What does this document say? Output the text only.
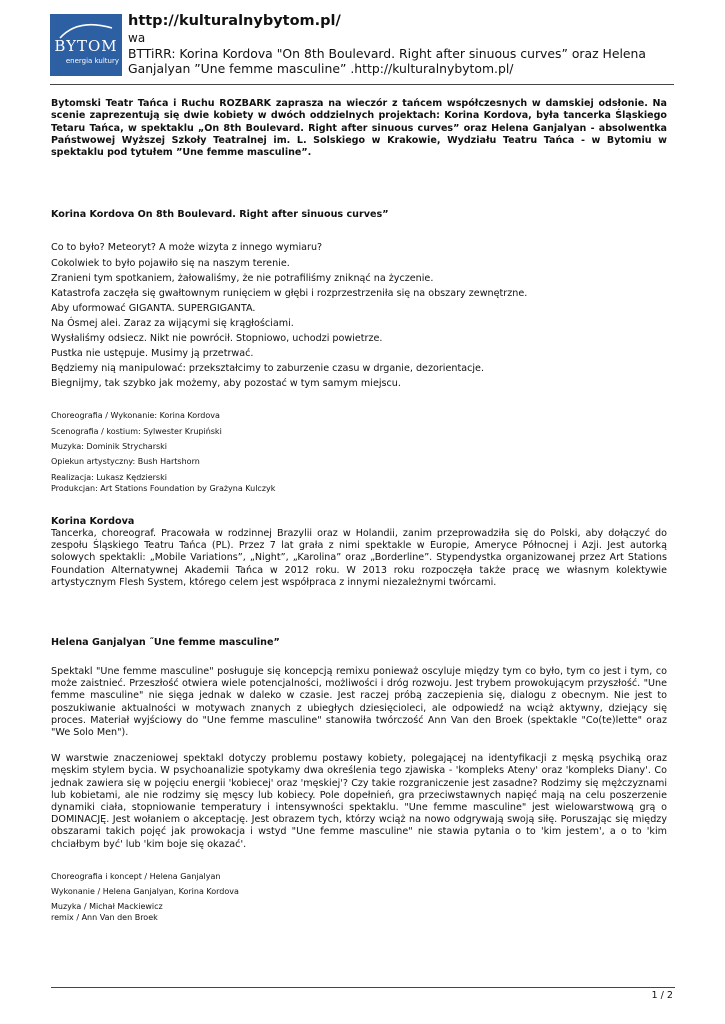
BYTOM
energia kultury
http://kulturalnybytom.pl/
wa
BTTiRR: Korina Kordova "On 8th Boulevard. Right after sinuous curves” oraz Helena
Ganjalyan ”Une femme masculine” .http://kulturalnybytom.pl/

Bytomski Teatr Tańca i Ruchu ROZBARK zaprasza na wieczór z tańcem współczesnych w damskiej odsłonie. Na scenie zaprezentują się dwie kobiety w dwóch oddzielnych projektach: Korina Kordova, była tancerka Śląskiego Tetaru Tańca, w spektaklu „On 8th Boulevard. Right after sinuous curves” oraz Helena Ganjalyan - absolwentka Państwowej Wyższej Szkoły Teatralnej im. L. Solskiego w Krakowie, Wydziału Teatru Tańca - w Bytomiu w spektaklu pod tytułem ”Une femme masculine”.

Korina Kordova On 8th Boulevard. Right after sinuous curves”

Co to było? Meteoryt? A może wizyta z innego wymiaru?
Cokolwiek to było pojawiło się na naszym terenie.
Zranieni tym spotkaniem, żałowaliśmy, że nie potrafiliśmy zniknąć na życzenie.
Katastrofa zaczęła się gwałtownym runięciem w głębi i rozprzestrzeniła się na obszary zewnętrzne.
Aby uformować GIGANTA. SUPERGIGANTA.
Na Ósmej alei. Zaraz za wijącymi się krągłościami.
Wysłaliśmy odsiecz. Nikt nie powrócił. Stopniowo, uchodzi powietrze.
Pustka nie ustępuje. Musimy ją przetrwać.
Będziemy nią manipulować: przekształcimy to zaburzenie czasu w drganie, dezorientacje.
Biegnijmy, tak szybko jak możemy, aby pozostać w tym samym miejscu.
Choreografia / Wykonanie: Korina Kordova
Scenografia / kostium: Sylwester Krupiński
Muzyka: Dominik Strycharski
Opiekun artystyczny: Bush Hartshorn
Realizacja: Lukasz Kędzierski
Produkcjan: Art Stations Foundation by Grażyna Kulczyk

Korina Kordova

Tancerka, choreograf. Pracowała w rodzinnej Brazylii oraz w Holandii, zanim przeprowadziła się do Polski, aby dołączyć do zespołu Śląskiego Teatru Tańca (PL). Przez 7 lat grała z nimi spektakle w Europie, Ameryce Północnej i Azji. Jest autorką solowych spektakli: „Mobile Variations”, „Night”, „Karolina” oraz „Borderline”. Stypendystka organizowanej przez Art Stations Foundation Alternatywnej Akademii Tańca w 2012 roku. W 2013 roku rozpoczęła także pracę we własnym kolektywie artystycznym Flesh System, którego celem jest współpraca z innymi niezależnymi twórcami.

Helena Ganjalyan ˝Une femme masculine”

Spektakl "Une femme masculine" posługuje się koncepcją remixu ponieważ oscyluje między tym co było, tym co jest i tym, co może zaistnieć. Przeszłość otwiera wiele potencjalności, możliwości i dróg rozwoju. Jest trybem prowokującym przyszłość. "Une femme masculine" nie sięga jednak w daleko w czasie. Jest raczej próbą zaczepienia się, dialogu z obecnym. Nie jest to poszukiwanie aktualności w motywach znanych z ubiegłych dziesięcioleci, ale odpowiedź na wciąż aktywny, dziejący się proces. Materiał wyjściowy do "Une femme masculine" stanowiła twórczość Ann Van den Broek (spektakle "Co(te)lette" oraz "We Solo Men").

W warstwie znaczeniowej spektakl dotyczy problemu postawy kobiety, polegającej na identyfikacji z męską psychiką oraz męskim stylem bycia. W psychoanalizie spotykamy dwa określenia tego zjawiska - 'kompleks Ateny' oraz 'kompleks Diany'. Co jednak zawiera się w pojęciu energii 'kobiecej' oraz 'męskiej'? Czy takie rozgraniczenie jest zasadne? Rodzimy się mężczyznami lub kobietami, ale nie rodzimy się męscy lub kobiecy. Pole dopełnień, gra przeciwstawnych napięć mają na celu poszerzenie dynamiki ciała, stopniowanie temperatury i intensywności spektaklu. "Une femme masculine" jest wielowarstwową grą o DOMINACJĘ. Jest wołaniem o akceptację. Jest obrazem tych, którzy wciąż na nowo odgrywają swoją siłę. Poruszając się między obszarami takich pojęć jak prowokacja i wstyd "Une femme masculine" nie stawia pytania o to 'kim jestem', a o to 'kim chciałbym być' lub 'kim boje się okazać'.

Choreografia i koncept / Helena Ganjalyan
Wykonanie / Helena Ganjalyan, Korina Kordova
Muzyka / Michał Mackiewicz
remix / Ann Van den Broek
1 / 2
